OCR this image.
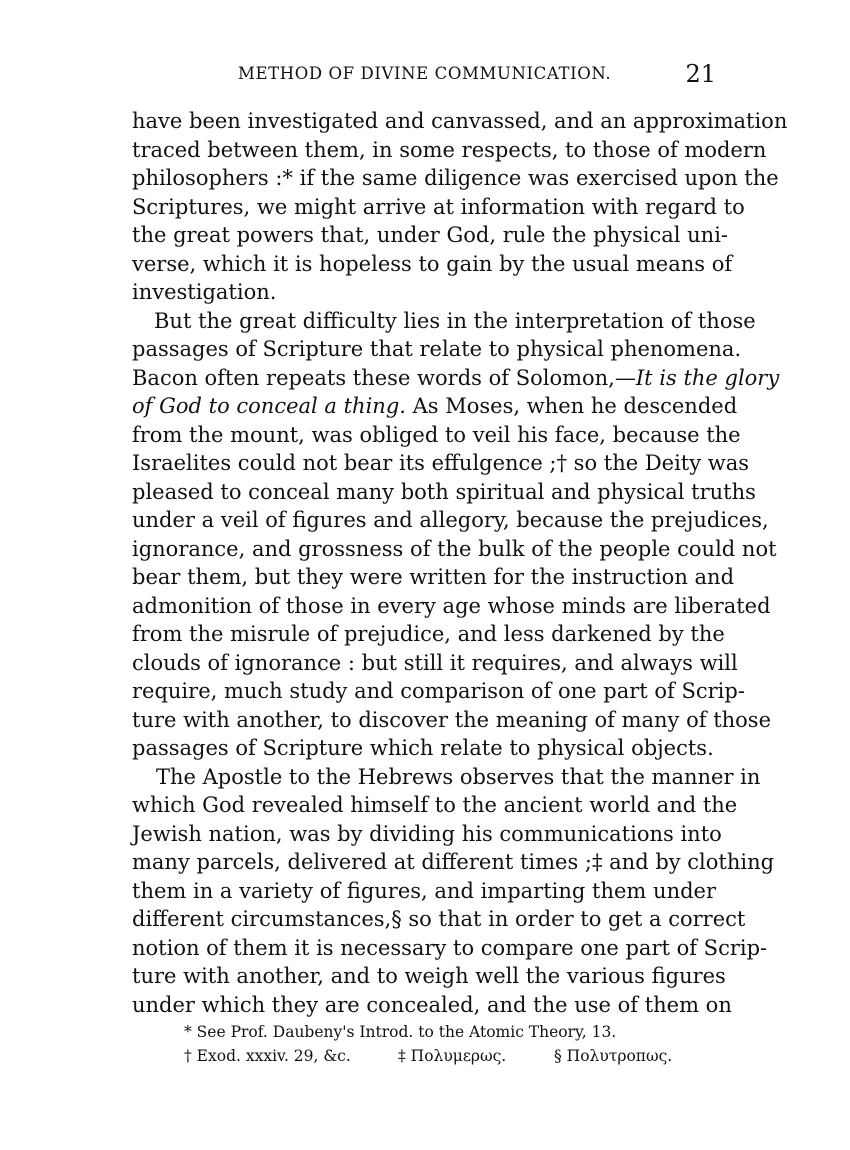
METHOD OF DIVINE COMMUNICATION.	21
have been investigated and canvassed, and an approximation
traced between them, in some respects, to those of modern
philosophers :* if the same diligence was exercised upon the
Scriptures, we might arrive at information with regard to
the great powers that, under God, rule the physical uni-
verse, which it is hopeless to gain by the usual means of
investigation.
But the great difficulty lies in the interpretation of those
passages of Scripture that relate to physical phenomena.
Bacon often repeats these words of Solomon,—It is the glory
of God to conceal a thing. As Moses, when he descended
from the mount, was obliged to veil his face, because the
Israelites could not bear its effulgence ;† so the Deity was
pleased to conceal many both spiritual and physical truths
under a veil of figures and allegory, because the prejudices,
ignorance, and grossness of the bulk of the people could not
bear them, but they were written for the instruction and
admonition of those in every age whose minds are liberated
from the misrule of prejudice, and less darkened by the
clouds of ignorance : but still it requires, and always will
require, much study and comparison of one part of Scrip-
ture with another, to discover the meaning of many of those
passages of Scripture which relate to physical objects.
The Apostle to the Hebrews observes that the manner in
which God revealed himself to the ancient world and the
Jewish nation, was by dividing his communications into
many parcels, delivered at different times ;‡ and by clothing
them in a variety of figures, and imparting them under
different circumstances,§ so that in order to get a correct
notion of them it is necessary to compare one part of Scrip-
ture with another, and to weigh well the various figures
under which they are concealed, and the use of them on
* See Prof. Daubeny's Introd. to the Atomic Theory, 13.
† Exod. xxxiv. 29, &c.	‡ Πολυμερως.	§ Πολυτροπως.
